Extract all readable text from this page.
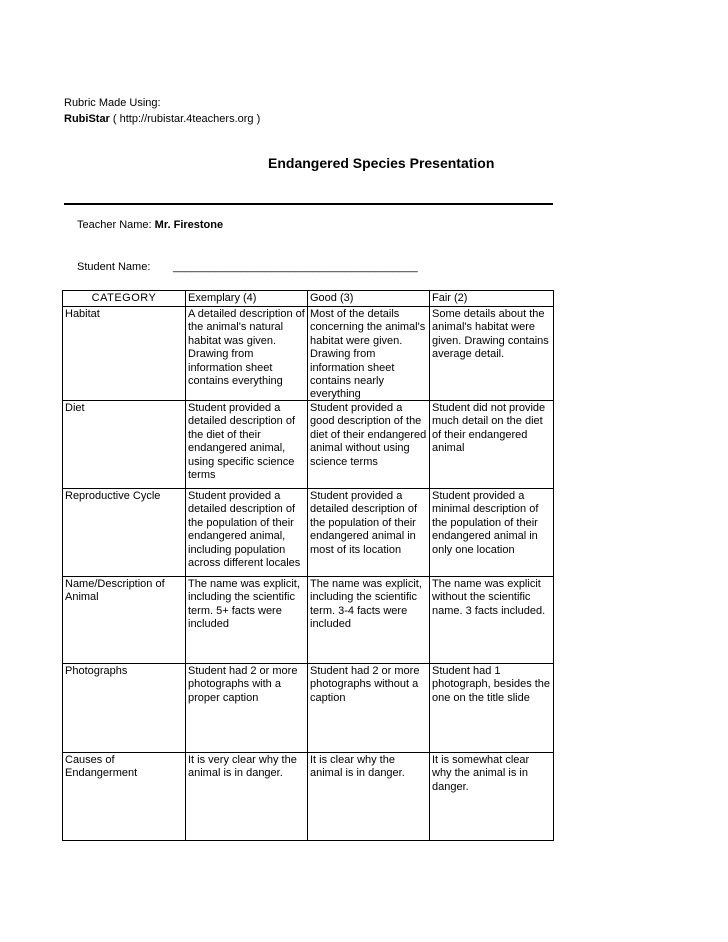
Rubric Made Using:
RubiStar ( http://rubistar.4teachers.org )
Endangered Species Presentation
Teacher Name: Mr. Firestone
Student Name: ________________________________________
CATEGORY	Exemplary (4)	Good (3)	Fair (2)

Habitat	A detailed description of the animal's natural habitat was given. Drawing from information sheet contains everything	Most of the details concerning the animal's habitat were given. Drawing from information sheet contains nearly everything	Some details about the animal's habitat were given. Drawing contains average detail.

Diet	Student provided a detailed description of the diet of their endangered animal, using specific science terms	Student provided a good description of the diet of their endangered animal without using science terms	Student did not provide much detail on the diet of their endangered animal

Reproductive Cycle	Student provided a detailed description of the population of their endangered animal, including population across different locales	Student provided a detailed description of the population of their endangered animal in most of its location	Student provided a minimal description of the population of their endangered animal in only one location

Name/Description of Animal	The name was explicit, including the scientific term. 5+ facts were included	The name was explicit, including the scientific term. 3-4 facts were included	The name was explicit without the scientific name. 3 facts included.

Photographs	Student had 2 or more photographs with a proper caption	Student had 2 or more photographs without a caption	Student had 1 photograph, besides the one on the title slide

Causes of Endangerment	It is very clear why the animal is in danger.	It is clear why the animal is in danger.	It is somewhat clear why the animal is in danger.
